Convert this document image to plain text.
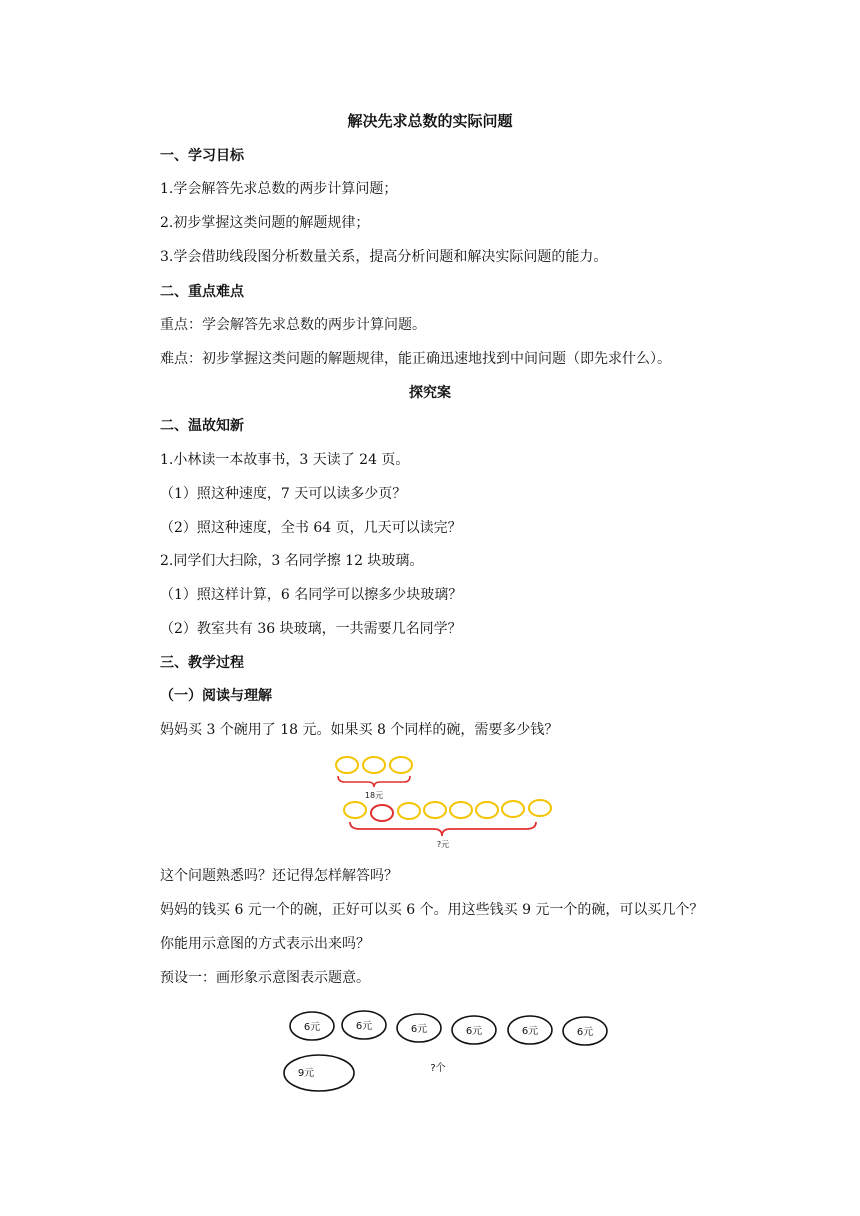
解决先求总数的实际问题
一、学习目标
1.学会解答先求总数的两步计算问题；
2.初步掌握这类问题的解题规律；
3.学会借助线段图分析数量关系，提高分析问题和解决实际问题的能力。
二、重点难点
重点：学会解答先求总数的两步计算问题。
难点：初步掌握这类问题的解题规律，能正确迅速地找到中间问题（即先求什么）。
探究案
二、温故知新
1.小林读一本故事书，3 天读了 24 页。
（1）照这种速度，7 天可以读多少页？
（2）照这种速度，全书 64 页，几天可以读完？
2.同学们大扫除，3 名同学擦 12 块玻璃。
（1）照这样计算，6 名同学可以擦多少块玻璃？
（2）教室共有 36 块玻璃，一共需要几名同学？
三、教学过程
（一）阅读与理解
妈妈买 3 个碗用了 18 元。如果买 8 个同样的碗，需要多少钱？
18元
?元
这个问题熟悉吗？还记得怎样解答吗？
妈妈的钱买 6 元一个的碗，正好可以买 6 个。用这些钱买 9 元一个的碗，可以买几个？
你能用示意图的方式表示出来吗？
预设一：画形象示意图表示题意。
6元	6元	6元	6元	6元	6元
9元	?个
